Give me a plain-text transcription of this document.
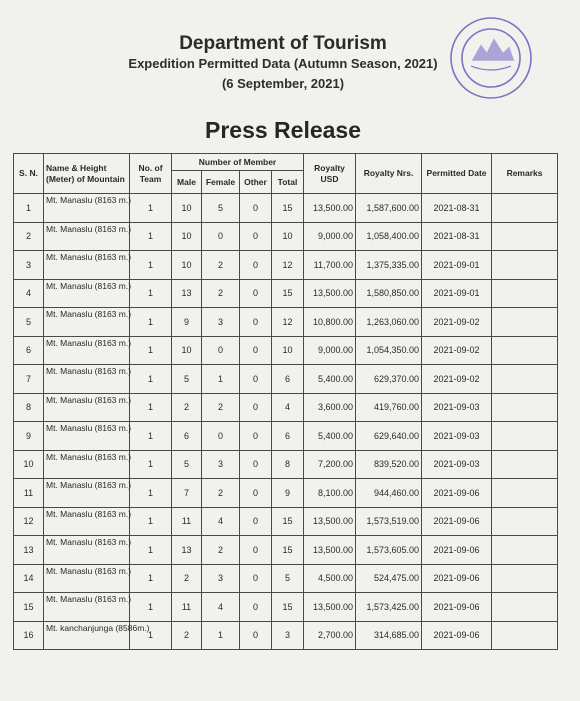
Department of Tourism
Expedition Permitted Data (Autumn Season, 2021)
(6 September, 2021)
Press Release
S. N.	Name & Height (Meter) of Mountain	No. of Team	Number of Member				Royalty USD	Royalty Nrs.	Permitted Date	Remarks
			Male	Female	Other	Total				
1	Mt. Manaslu (8163 m.)	1	10	5	0	15	13,500.00	1,587,600.00	2021-08-31	
2	Mt. Manaslu (8163 m.)	1	10	0	0	10	9,000.00	1,058,400.00	2021-08-31	
3	Mt. Manaslu (8163 m.)	1	10	2	0	12	11,700.00	1,375,335.00	2021-09-01	
4	Mt. Manaslu (8163 m.)	1	13	2	0	15	13,500.00	1,580,850.00	2021-09-01	
5	Mt. Manaslu (8163 m.)	1	9	3	0	12	10,800.00	1,263,060.00	2021-09-02	
6	Mt. Manaslu (8163 m.)	1	10	0	0	10	9,000.00	1,054,350.00	2021-09-02	
7	Mt. Manaslu (8163 m.)	1	5	1	0	6	5,400.00	629,370.00	2021-09-02	
8	Mt. Manaslu (8163 m.)	1	2	2	0	4	3,600.00	419,760.00	2021-09-03	
9	Mt. Manaslu (8163 m.)	1	6	0	0	6	5,400.00	629,640.00	2021-09-03	
10	Mt. Manaslu (8163 m.)	1	5	3	0	8	7,200.00	839,520.00	2021-09-03	
11	Mt. Manaslu (8163 m.)	1	7	2	0	9	8,100.00	944,460.00	2021-09-06	
12	Mt. Manaslu (8163 m.)	1	11	4	0	15	13,500.00	1,573,519.00	2021-09-06	
13	Mt. Manaslu (8163 m.)	1	13	2	0	15	13,500.00	1,573,605.00	2021-09-06	
14	Mt. Manaslu (8163 m.)	1	2	3	0	5	4,500.00	524,475.00	2021-09-06	
15	Mt. Manaslu (8163 m.)	1	11	4	0	15	13,500.00	1,573,425.00	2021-09-06	
16	Mt. kanchanjunga (8586m.)	1	2	1	0	3	2,700.00	314,685.00	2021-09-06	
